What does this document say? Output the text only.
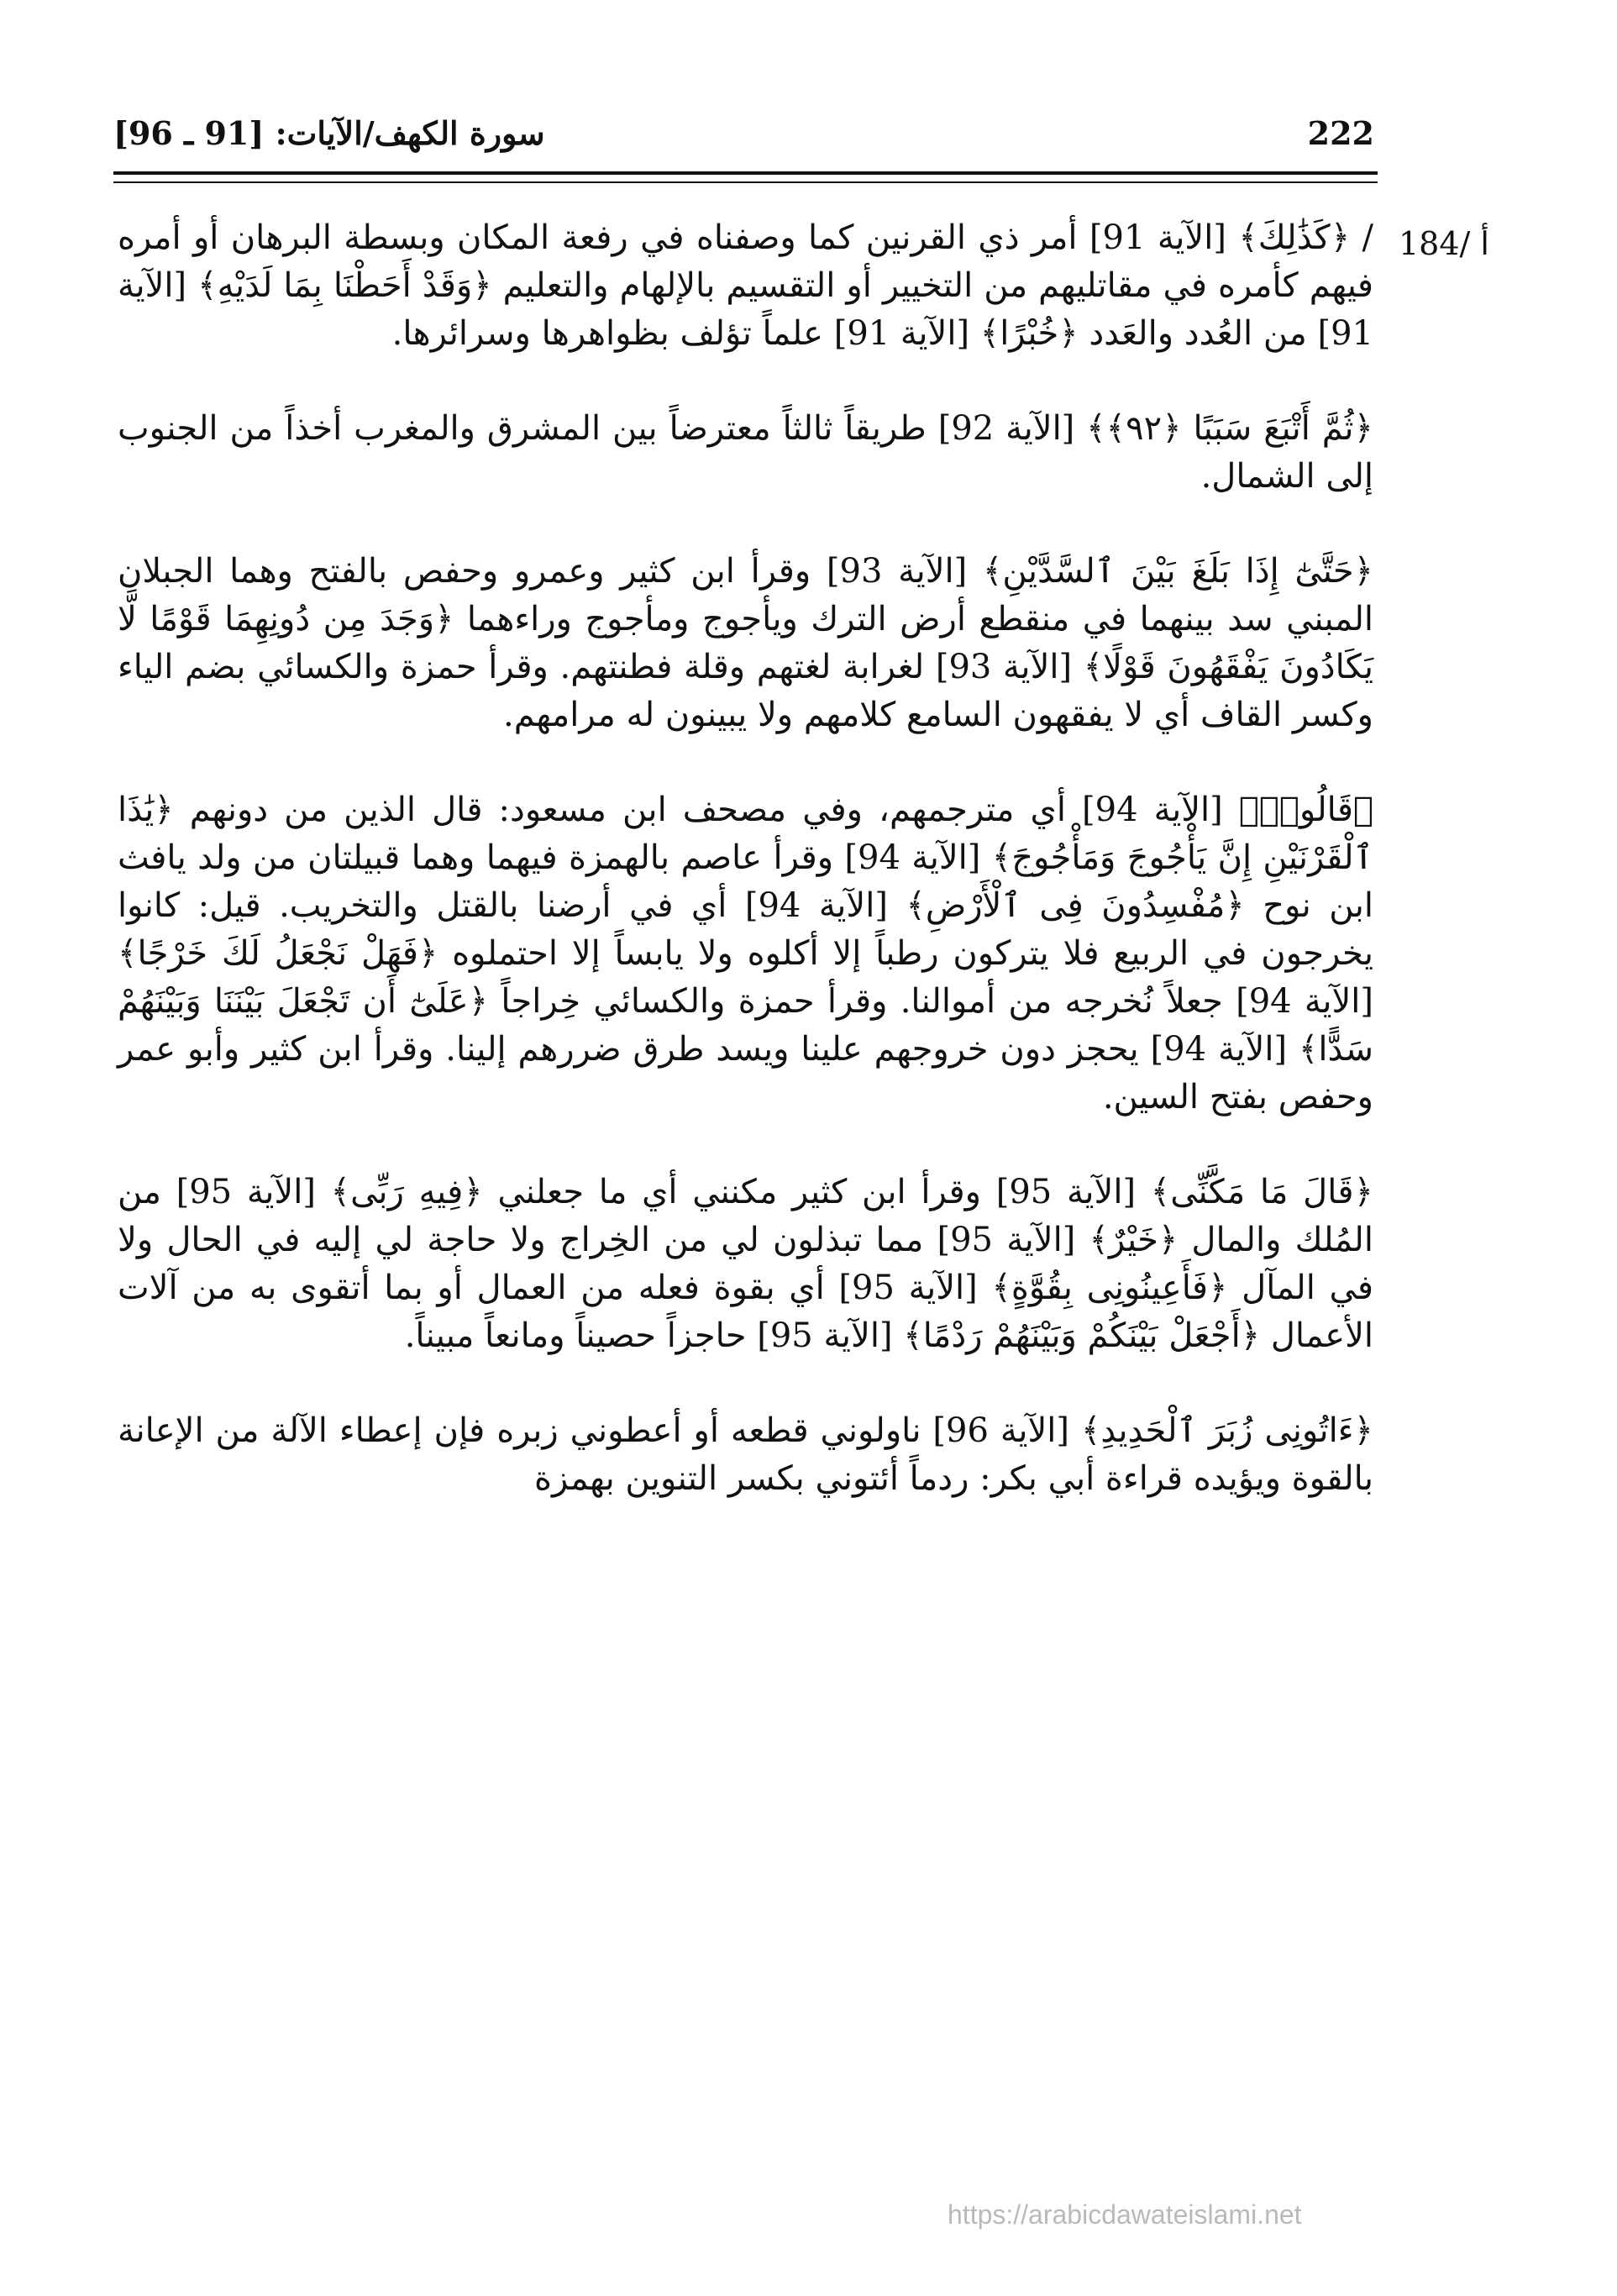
سورة الكهف/الآيات: [91 ـ 96]	222
184/ أ

/ ﴿كَذَٰلِكَ﴾ [الآية 91] أمر ذي القرنين كما وصفناه في رفعة المكان وبسطة البرهان أو أمره فيهم كأمره في مقاتليهم من التخيير أو التقسيم بالإلهام والتعليم ﴿وَقَدْ أَحَطْنَا بِمَا لَدَيْهِ﴾ [الآية 91] من العُدد والعَدد ﴿خُبْرًا﴾ [الآية 91] علماً تؤلف بظواهرها وسرائرها.

﴿ثُمَّ أَتْبَعَ سَبَبًا ﴿٩٢﴾﴾ [الآية 92] طريقاً ثالثاً معترضاً بين المشرق والمغرب أخذاً من الجنوب إلى الشمال.

﴿حَتَّىٰٓ إِذَا بَلَغَ بَيْنَ ٱلسَّدَّيْنِ﴾ [الآية 93] وقرأ ابن كثير وعمرو وحفص بالفتح وهما الجبلان المبني سد بينهما في منقطع أرض الترك ويأجوج ومأجوج وراءهما ﴿وَجَدَ مِن دُونِهِمَا قَوْمًا لَّا يَكَادُونَ يَفْقَهُونَ قَوْلًا﴾ [الآية 93] لغرابة لغتهم وقلة فطنتهم. وقرأ حمزة والكسائي بضم الياء وكسر القاف أي لا يفقهون السامع كلامهم ولا يبينون له مرامهم.

﴿قَالُوا۟﴾ [الآية 94] أي مترجمهم، وفي مصحف ابن مسعود: قال الذين من دونهم ﴿يَٰذَا ٱلْقَرْنَيْنِ إِنَّ يَأْجُوجَ وَمَأْجُوجَ﴾ [الآية 94] وقرأ عاصم بالهمزة فيهما وهما قبيلتان من ولد يافث ابن نوح ﴿مُفْسِدُونَ فِى ٱلْأَرْضِ﴾ [الآية 94] أي في أرضنا بالقتل والتخريب. قيل: كانوا يخرجون في الربيع فلا يتركون رطباً إلا أكلوه ولا يابساً إلا احتملوه ﴿فَهَلْ نَجْعَلُ لَكَ خَرْجًا﴾ [الآية 94] جعلاً نُخرجه من أموالنا. وقرأ حمزة والكسائي خِراجاً ﴿عَلَىٰٓ أَن تَجْعَلَ بَيْنَنَا وَبَيْنَهُمْ سَدًّا﴾ [الآية 94] يحجز دون خروجهم علينا ويسد طرق ضررهم إلينا. وقرأ ابن كثير وأبو عمر وحفص بفتح السين.

﴿قَالَ مَا مَكَّنِّى﴾ [الآية 95] وقرأ ابن كثير مكنني أي ما جعلني ﴿فِيهِ رَبِّى﴾ [الآية 95] من المُلك والمال ﴿خَيْرٌ﴾ [الآية 95] مما تبذلون لي من الخِراج ولا حاجة لي إليه في الحال ولا في المآل ﴿فَأَعِينُونِى بِقُوَّةٍ﴾ [الآية 95] أي بقوة فعله من العمال أو بما أتقوى به من آلات الأعمال ﴿أَجْعَلْ بَيْنَكُمْ وَبَيْنَهُمْ رَدْمًا﴾ [الآية 95] حاجزاً حصيناً ومانعاً مبيناً.

﴿ءَاتُونِى زُبَرَ ٱلْحَدِيدِ﴾ [الآية 96] ناولوني قطعه أو أعطوني زبره فإن إعطاء الآلة من الإعانة بالقوة ويؤيده قراءة أبي بكر: ردماً أئتوني بكسر التنوين بهمزة

https://arabicdawateislami.net
